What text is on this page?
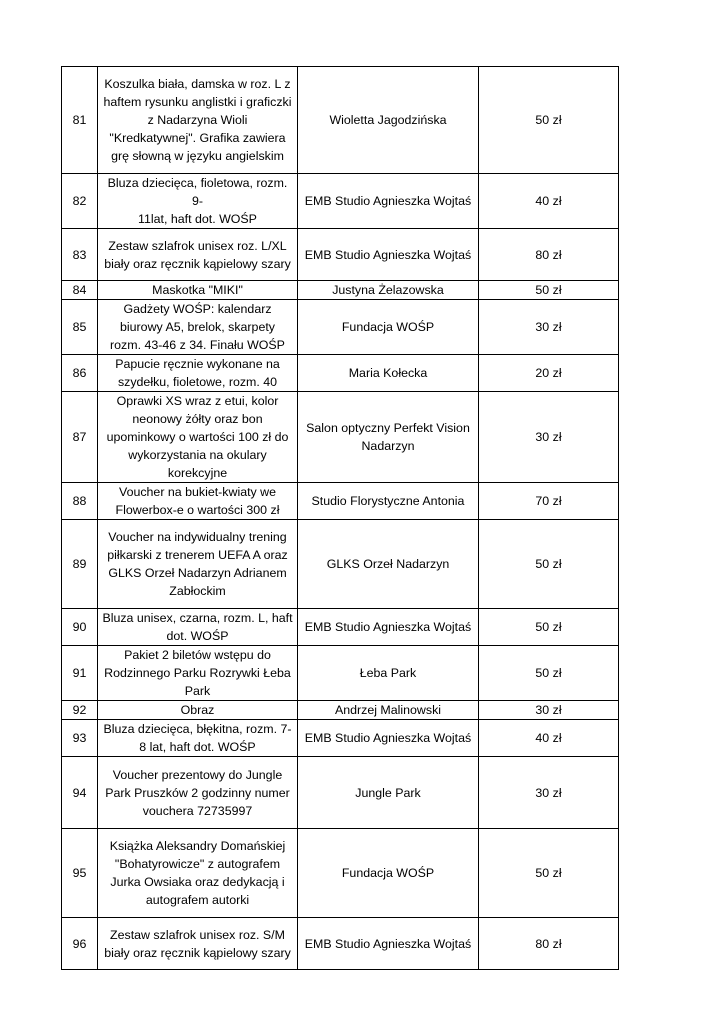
81	Koszulka biała, damska w roz. L z
haftem rysunku anglistki i graficzki
z Nadarzyna Wioli
"Kredkatywnej". Grafika zawiera
grę słowną w języku angielskim	Wioletta Jagodzińska	50 zł
82	Bluza dziecięca, fioletowa, rozm. 9-
11lat, haft dot. WOŚP	EMB Studio Agnieszka Wojtaś	40 zł
83	Zestaw szlafrok unisex roz. L/XL
biały oraz ręcznik kąpielowy szary	EMB Studio Agnieszka Wojtaś	80 zł
84	Maskotka "MIKI"	Justyna Żelazowska	50 zł
85	Gadżety WOŚP: kalendarz
biurowy A5, brelok, skarpety
rozm. 43-46 z 34. Finału WOŚP	Fundacja WOŚP	30 zł
86	Papucie ręcznie wykonane na
szydełku, fioletowe, rozm. 40	Maria Kołecka	20 zł
87	Oprawki XS wraz z etui, kolor
neonowy żółty oraz bon
upominkowy o wartości 100 zł do
wykorzystania na okulary
korekcyjne	Salon optyczny Perfekt Vision
Nadarzyn	30 zł
88	Voucher na bukiet-kwiaty we
Flowerbox-e o wartości 300 zł	Studio Florystyczne Antonia	70 zł
89	Voucher na indywidualny trening
piłkarski z trenerem UEFA A oraz
GLKS Orzeł Nadarzyn Adrianem
Zabłockim	GLKS Orzeł Nadarzyn	50 zł
90	Bluza unisex, czarna, rozm. L, haft
dot. WOŚP	EMB Studio Agnieszka Wojtaś	50 zł
91	Pakiet 2 biletów wstępu do
Rodzinnego Parku Rozrywki Łeba
Park	Łeba Park	50 zł
92	Obraz	Andrzej Malinowski	30 zł
93	Bluza dziecięca, błękitna, rozm. 7-
8 lat, haft dot. WOŚP	EMB Studio Agnieszka Wojtaś	40 zł
94	Voucher prezentowy do Jungle
Park Pruszków 2 godzinny numer
vouchera 72735997	Jungle Park	30 zł
95	Książka Aleksandry Domańskiej
"Bohatyrowicze" z autografem
Jurka Owsiaka oraz dedykacją i
autografem autorki	Fundacja WOŚP	50 zł
96	Zestaw szlafrok unisex roz. S/M
biały oraz ręcznik kąpielowy szary	EMB Studio Agnieszka Wojtaś	80 zł
